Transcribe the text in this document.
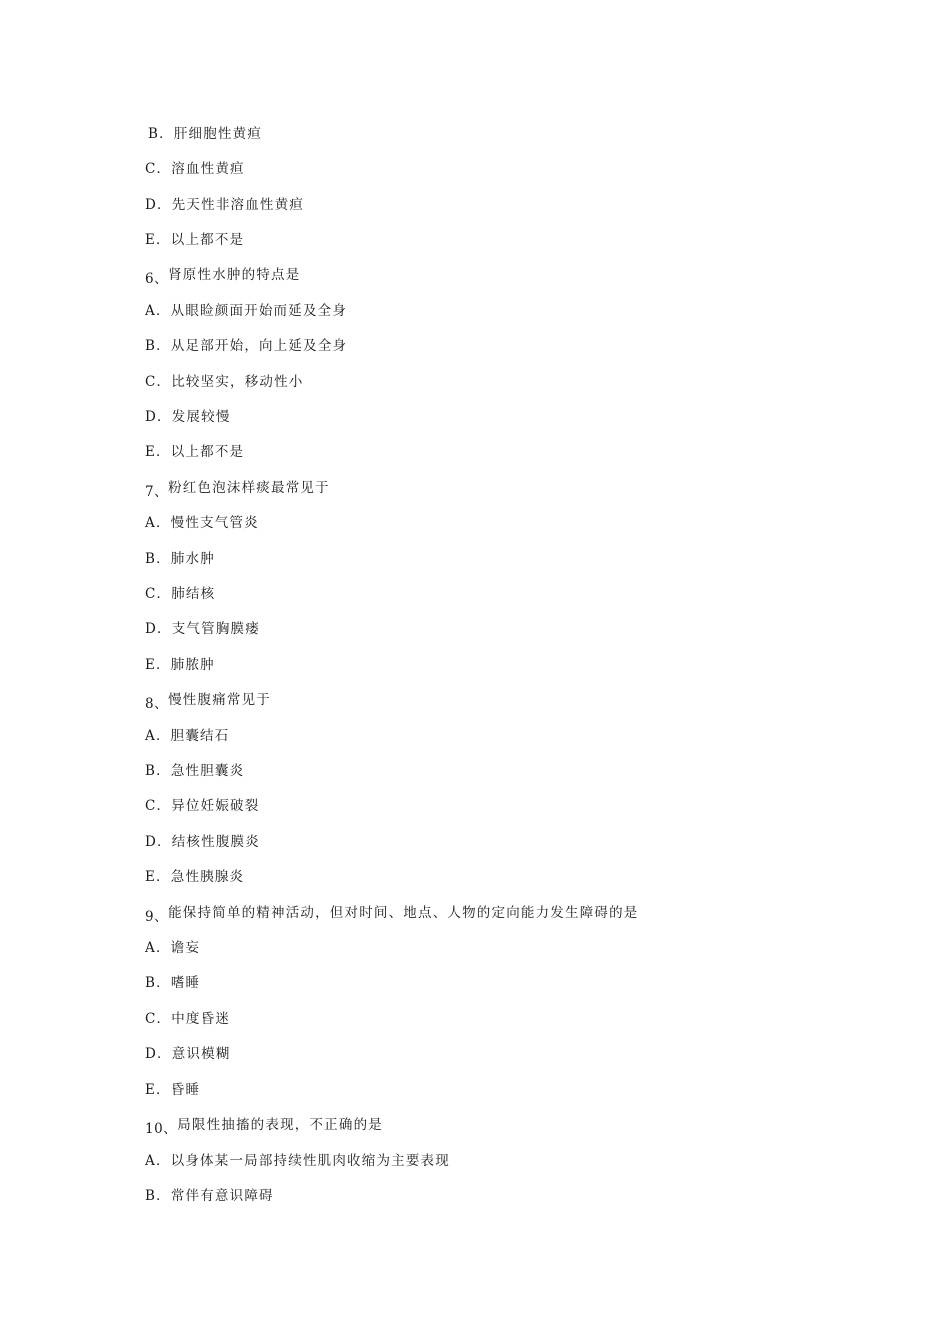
B．肝细胞性黄疸
C．溶血性黄疸
D．先天性非溶血性黄疸
E．以上都不是
6、肾原性水肿的特点是
A．从眼睑颜面开始而延及全身
B．从足部开始，向上延及全身
C．比较坚实，移动性小
D．发展较慢
E．以上都不是
7、粉红色泡沫样痰最常见于
A．慢性支气管炎
B．肺水肿
C．肺结核
D．支气管胸膜瘘
E．肺脓肿
8、慢性腹痛常见于
A．胆囊结石
B．急性胆囊炎
C．异位妊娠破裂
D．结核性腹膜炎
E．急性胰腺炎
9、能保持简单的精神活动，但对时间、地点、人物的定向能力发生障碍的是
A．谵妄
B．嗜睡
C．中度昏迷
D．意识模糊
E．昏睡
10、局限性抽搐的表现，不正确的是
A．以身体某一局部持续性肌肉收缩为主要表现
B．常伴有意识障碍
